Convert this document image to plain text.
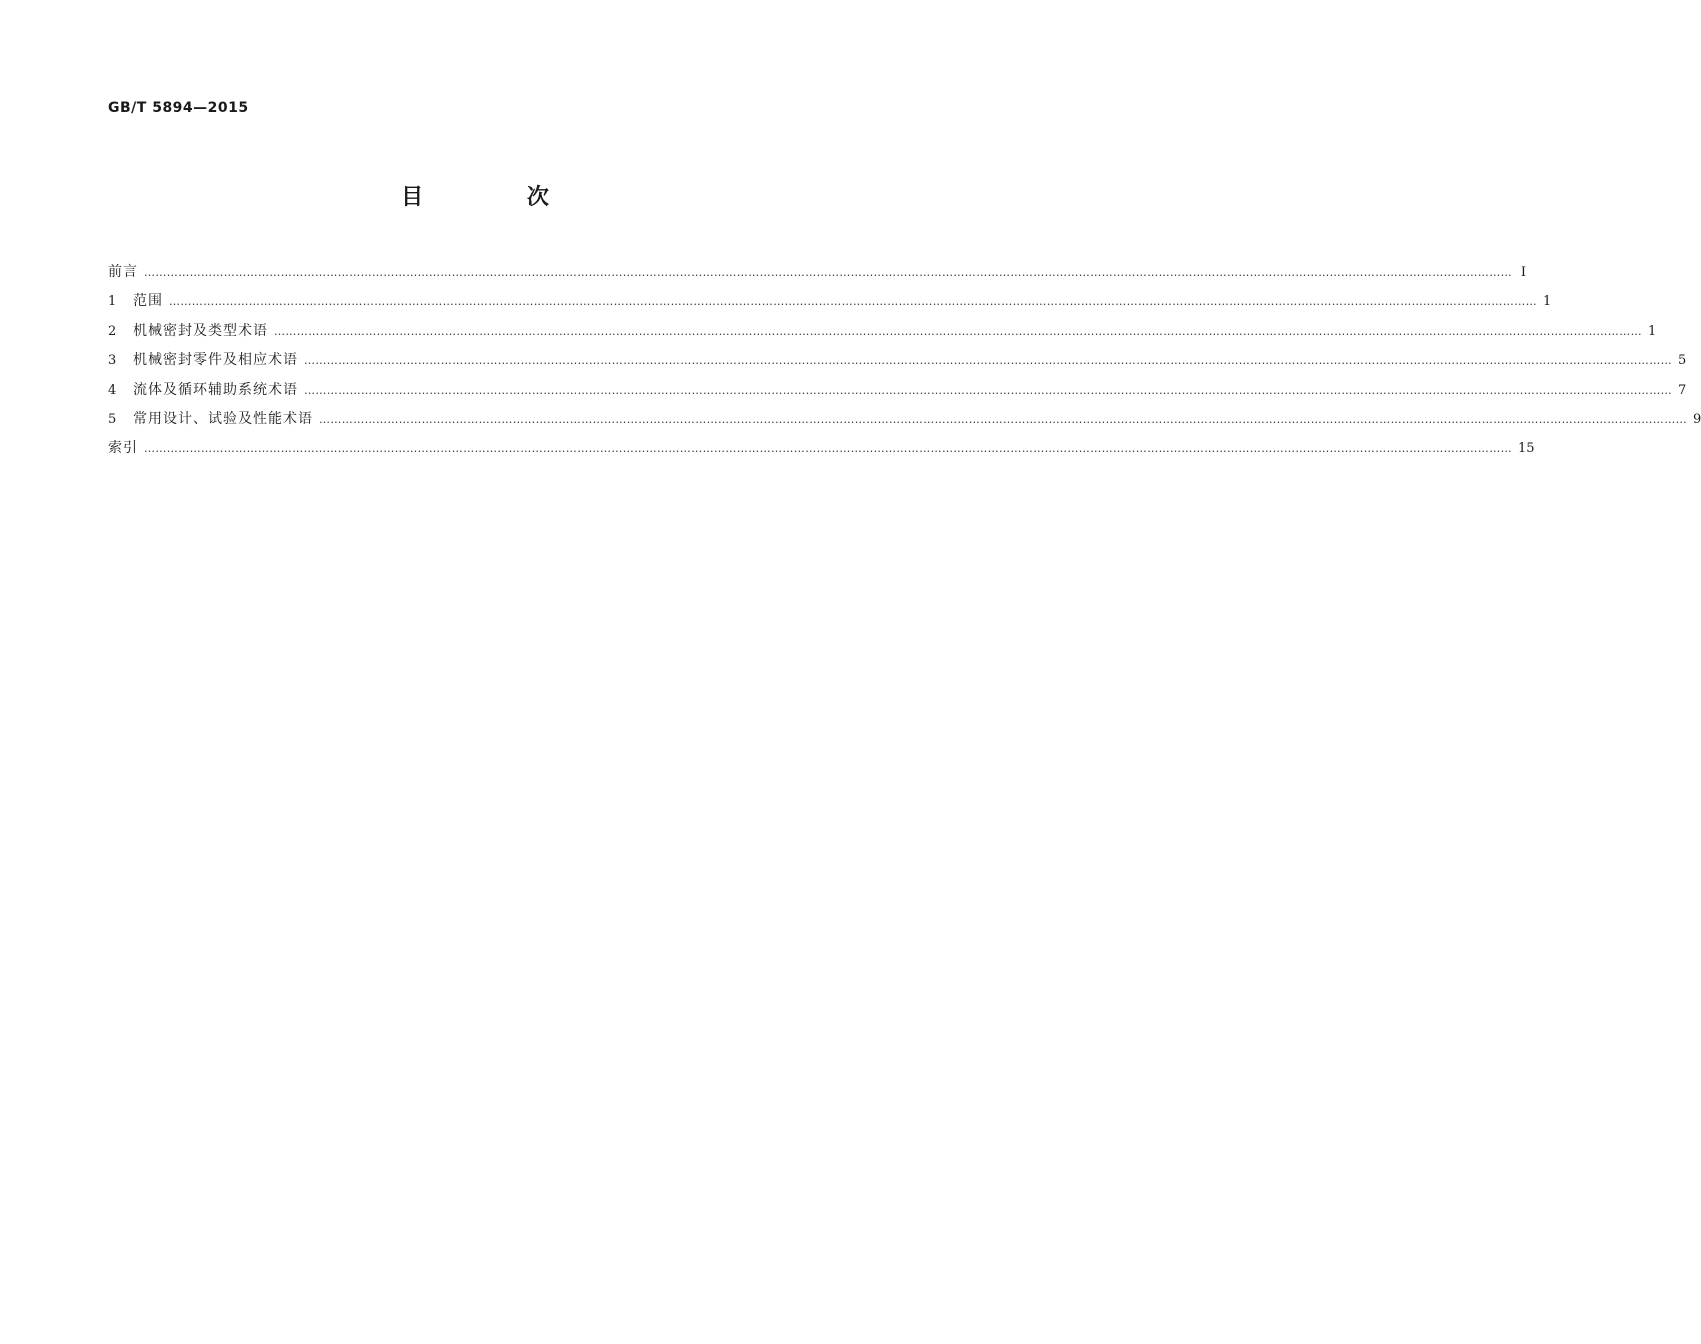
GB/T 5894—2015
目 次
前言 ……………………………………………………………………………………………………………………………………………………………………………………………………………………………………………………………………………………………………………………………… Ⅰ
1	范围 ……………………………………………………………………………………………………………………………………………………………………………………………………………………………………………………………………………………………………………………………… 1
2	机械密封及类型术语 ……………………………………………………………………………………………………………………………………………………………………………………………………………………………………………………………………………………………………………………………… 1
3	机械密封零件及相应术语 ……………………………………………………………………………………………………………………………………………………………………………………………………………………………………………………………………………………………………………………………… 5
4	流体及循环辅助系统术语 ……………………………………………………………………………………………………………………………………………………………………………………………………………………………………………………………………………………………………………………………… 7
5	常用设计、试验及性能术语 ……………………………………………………………………………………………………………………………………………………………………………………………………………………………………………………………………………………………………………………………… 9
索引 ……………………………………………………………………………………………………………………………………………………………………………………………………………………………………………………………………………………………………………………………… 15
